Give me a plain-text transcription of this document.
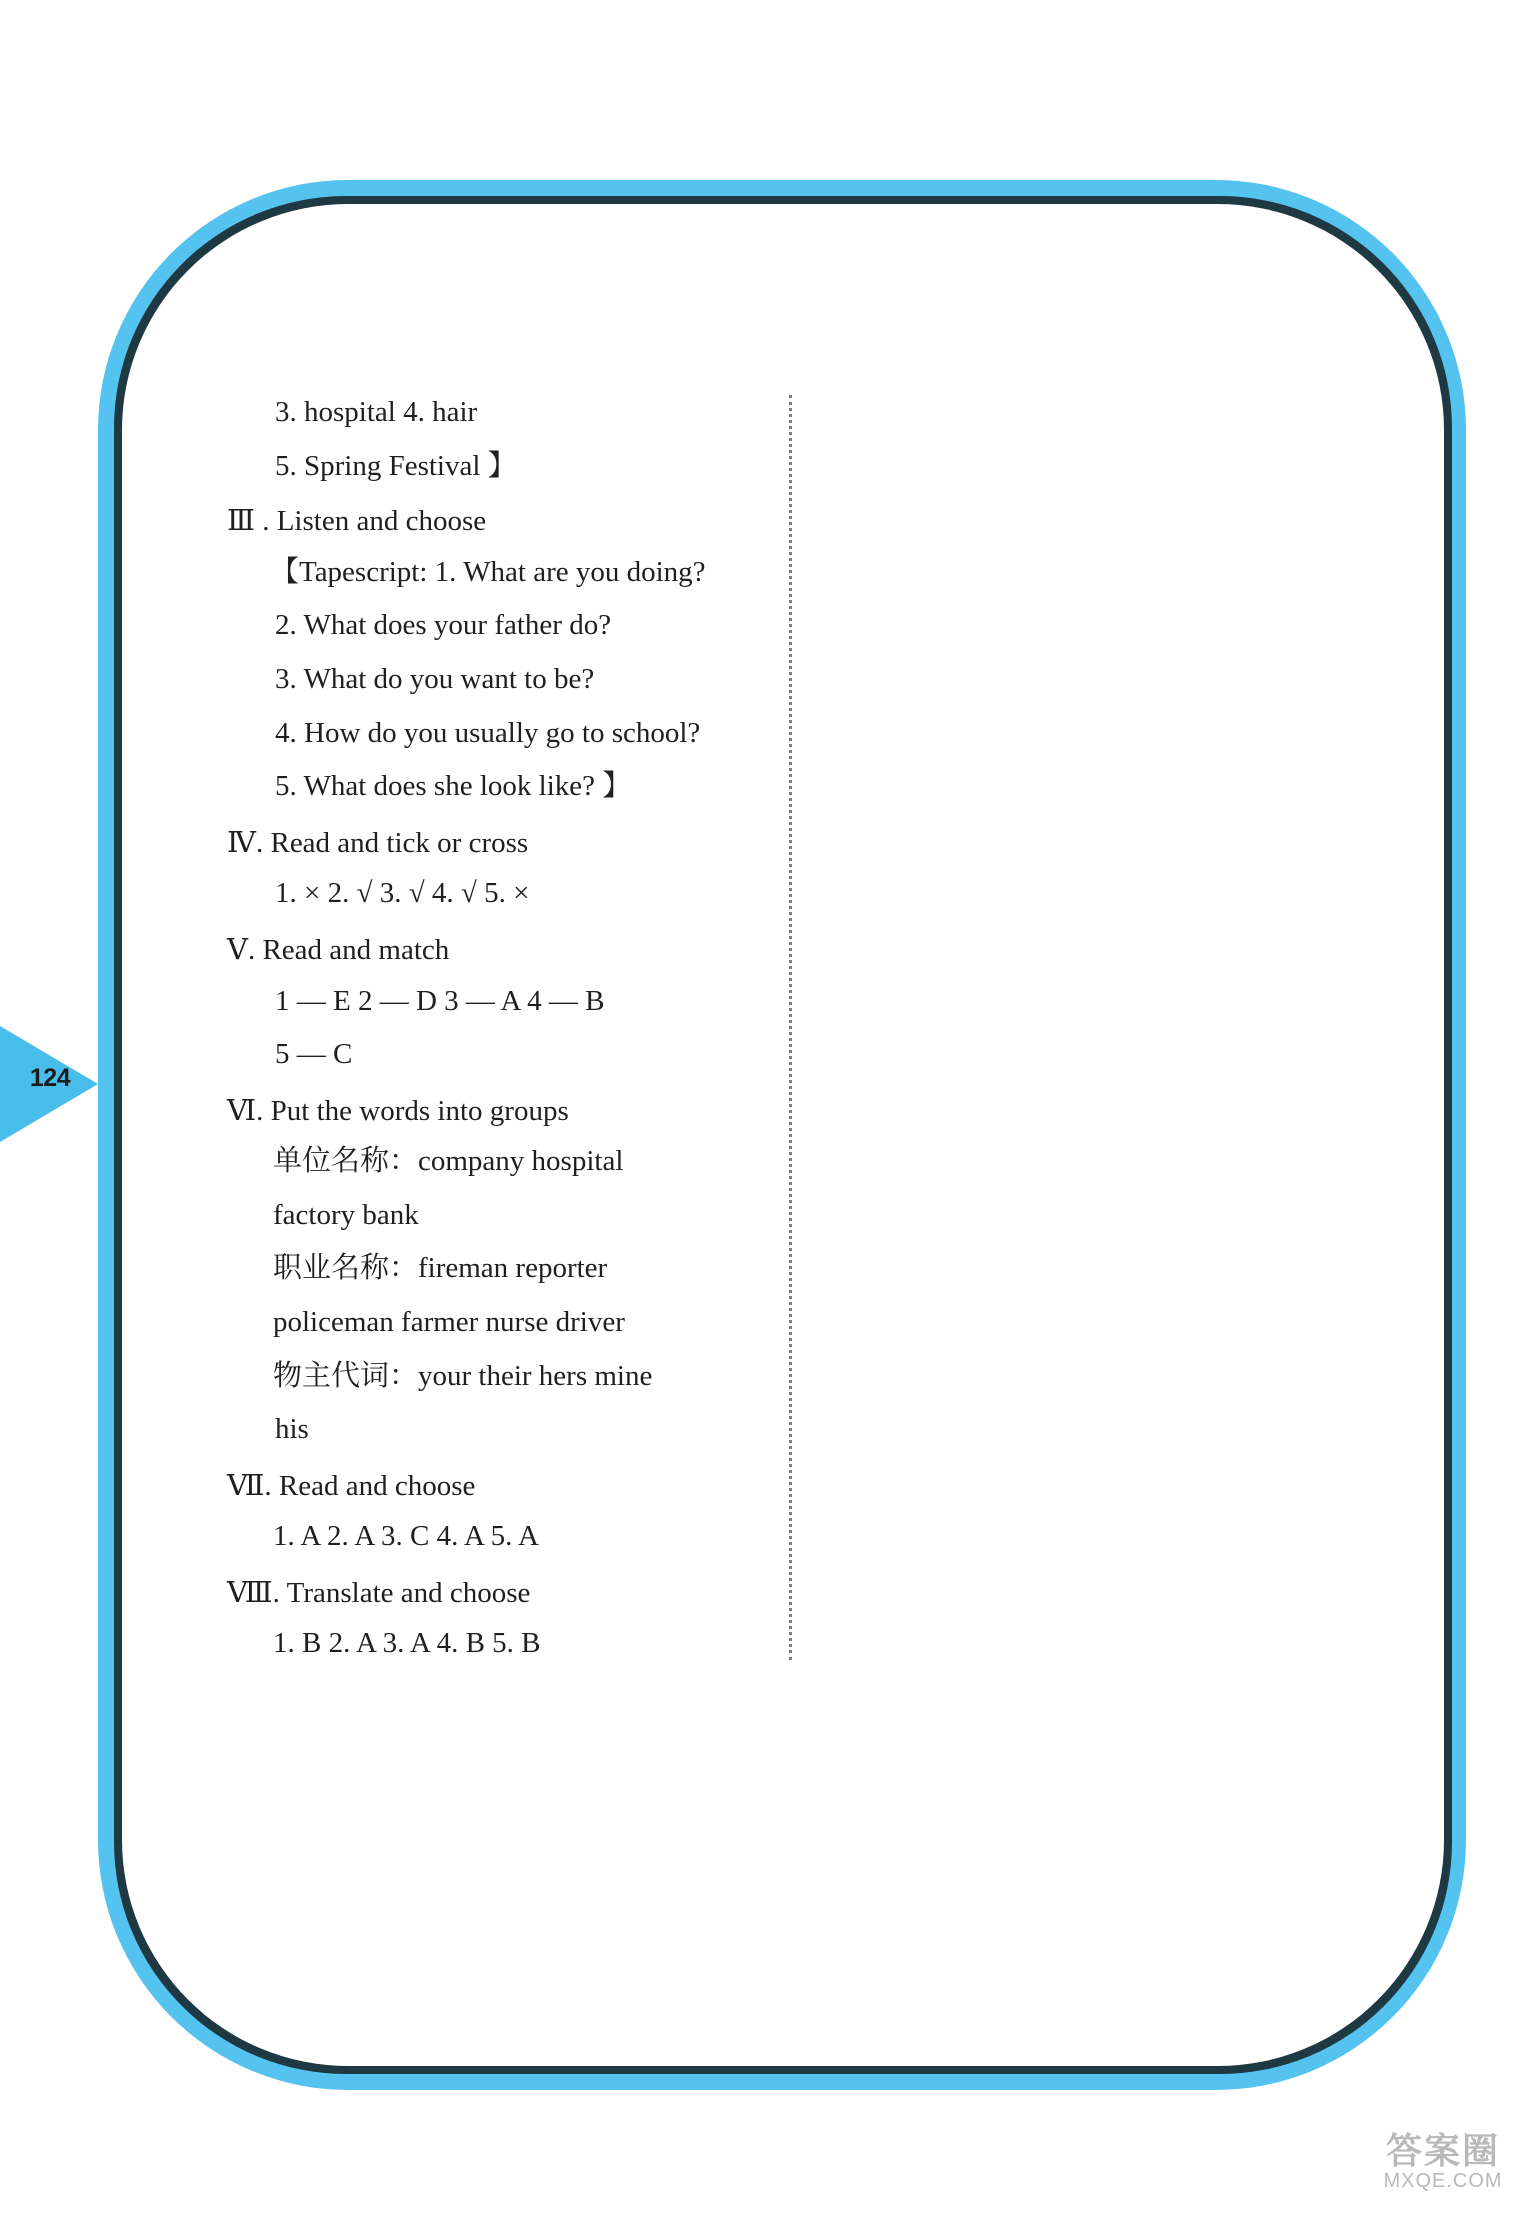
124
3. hospital 4. hair
5. Spring Festival 】
Ⅲ . Listen and choose
【Tapescript: 1. What are you doing?
2. What does your father do?
3. What do you want to be?
4. How do you usually go to school?
5. What does she look like? 】
Ⅳ. Read and tick or cross
1. × 2. √ 3. √ 4. √ 5. ×
Ⅴ. Read and match
1 — E 2 — D 3 — A 4 — B
5 — C
Ⅵ. Put the words into groups
单位名称：company hospital
factory bank
职业名称：fireman reporter
policeman farmer nurse driver
物主代词：your their hers mine
his
Ⅶ. Read and choose
1. A 2. A 3. C 4. A 5. A
Ⅷ. Translate and choose
1. B 2. A 3. A 4. B 5. B
答案圈
MXQE.COM
